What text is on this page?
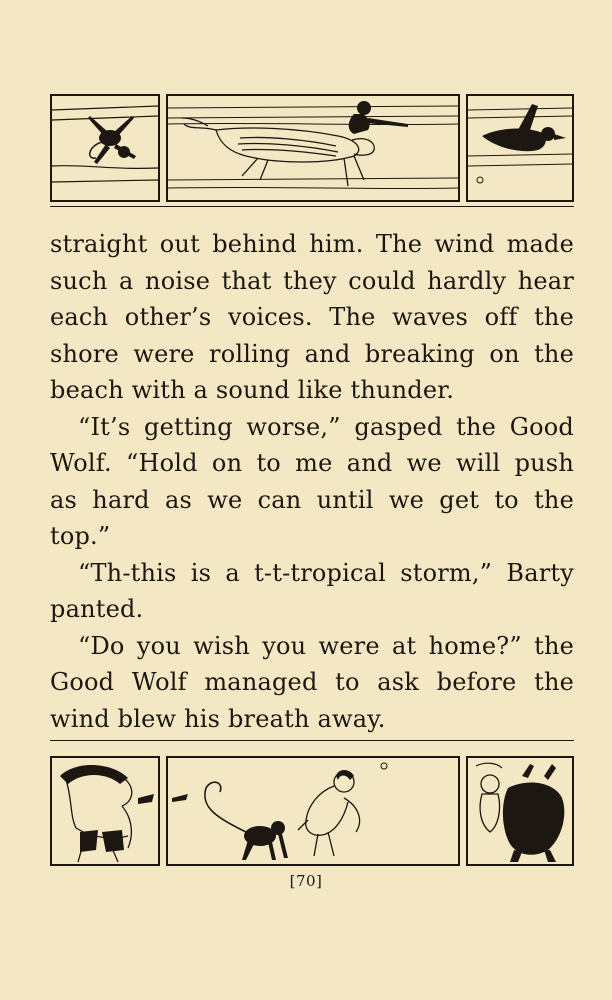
straight out behind him. The wind made
such a noise that they could hardly hear
each other’s voices. The waves off the
shore were rolling and breaking on the
beach with a sound like thunder.

“It’s getting worse,” gasped the Good
Wolf. “Hold on to me and we will push
as hard as we can until we get to the
top.”

“Th-this is a t-t-tropical storm,” Barty
panted.

“Do you wish you were at home?” the
Good Wolf managed to ask before the
wind blew his breath away.

[70]
